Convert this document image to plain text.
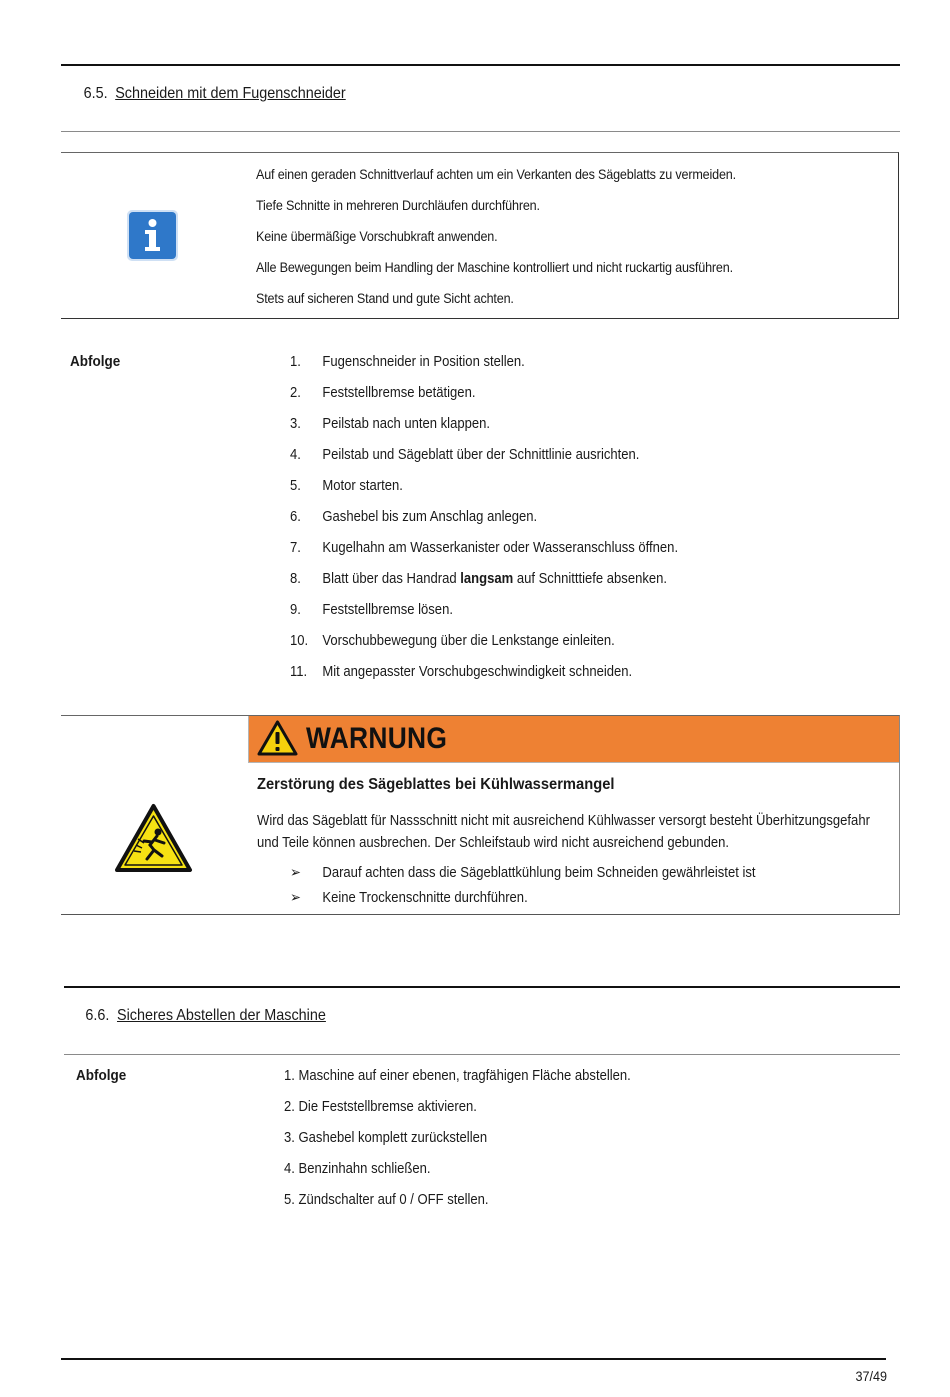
6.5. Schneiden mit dem Fugenschneider
Auf einen geraden Schnittverlauf achten um ein Verkanten des Sägeblatts zu vermeiden.
Tiefe Schnitte in mehreren Durchläufen durchführen.
Keine übermäßige Vorschubkraft anwenden.
Alle Bewegungen beim Handling der Maschine kontrolliert und nicht ruckartig ausführen.
Stets auf sicheren Stand und gute Sicht achten.
Abfolge	1. Fugenschneider in Position stellen.
2. Feststellbremse betätigen.
3. Peilstab nach unten klappen.
4. Peilstab und Sägeblatt über der Schnittlinie ausrichten.
5. Motor starten.
6. Gashebel bis zum Anschlag anlegen.
7. Kugelhahn am Wasserkanister oder Wasseranschluss öffnen.
8. Blatt über das Handrad langsam auf Schnitttiefe absenken.
9. Feststellbremse lösen.
10. Vorschubbewegung über die Lenkstange einleiten.
11. Mit angepasster Vorschubgeschwindigkeit schneiden.
WARNUNG
Zerstörung des Sägeblattes bei Kühlwassermangel
Wird das Sägeblatt für Nassschnitt nicht mit ausreichend Kühlwasser versorgt besteht Überhitzungsgefahr und Teile können ausbrechen. Der Schleifstaub wird nicht ausreichend gebunden.
➢ Darauf achten dass die Sägeblattkühlung beim Schneiden gewährleistet ist
➢ Keine Trockenschnitte durchführen.
6.6. Sicheres Abstellen der Maschine
Abfolge	1. Maschine auf einer ebenen, tragfähigen Fläche abstellen.
2. Die Feststellbremse aktivieren.
3. Gashebel komplett zurückstellen
4. Benzinhahn schließen.
5. Zündschalter auf 0 / OFF stellen.
37/49
